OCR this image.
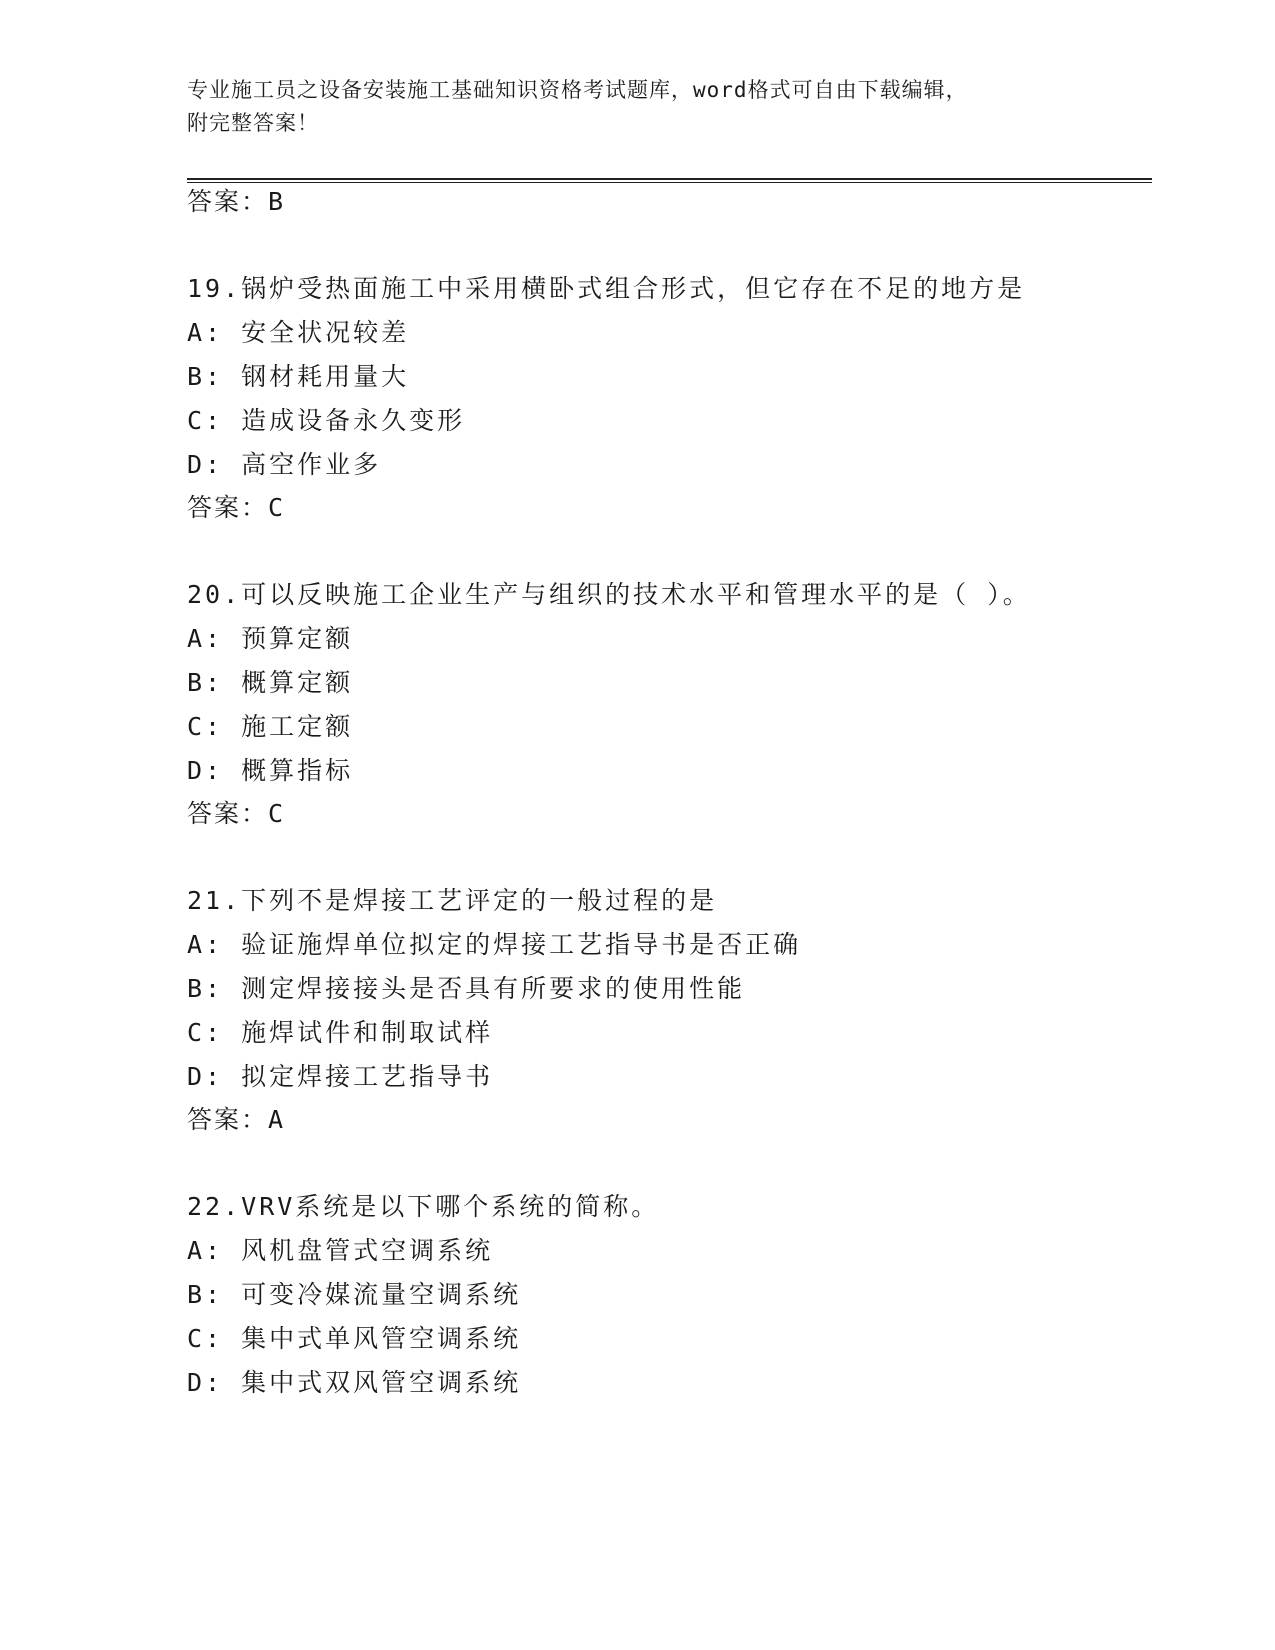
专业施工员之设备安装施工基础知识资格考试题库，word格式可自由下载编辑，
附完整答案！
答案：B
19.锅炉受热面施工中采用横卧式组合形式，但它存在不足的地方是
A: 安全状况较差
B: 钢材耗用量大
C: 造成设备永久变形
D: 高空作业多
答案：C
20.可以反映施工企业生产与组织的技术水平和管理水平的是（ ）。
A: 预算定额
B: 概算定额
C: 施工定额
D: 概算指标
答案：C
21.下列不是焊接工艺评定的一般过程的是
A: 验证施焊单位拟定的焊接工艺指导书是否正确
B: 测定焊接接头是否具有所要求的使用性能
C: 施焊试件和制取试样
D: 拟定焊接工艺指导书
答案：A
22.VRV系统是以下哪个系统的简称。
A: 风机盘管式空调系统
B: 可变冷媒流量空调系统
C: 集中式单风管空调系统
D: 集中式双风管空调系统
